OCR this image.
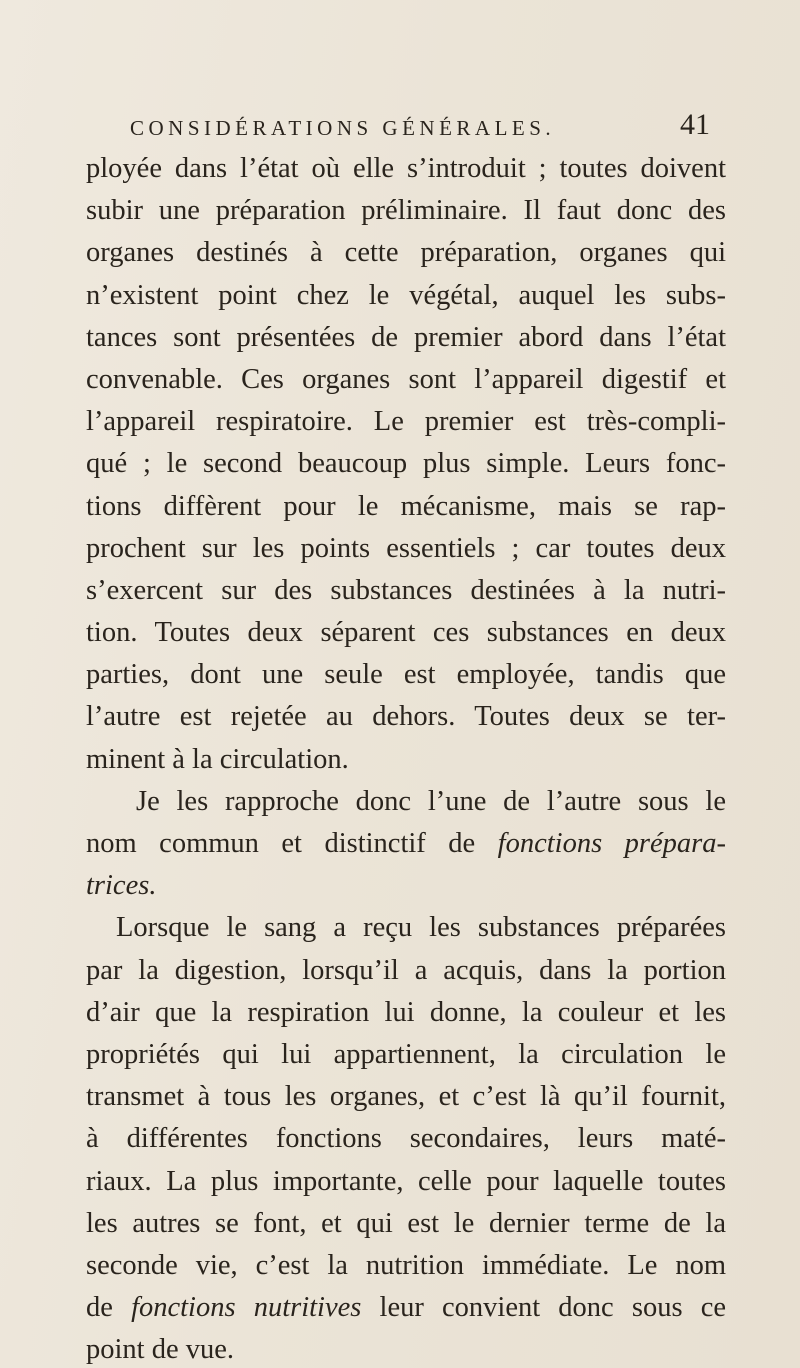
CONSIDÉRATIONS GÉNÉRALES.	41
ployée dans l’état où elle s’introduit ; toutes doivent
subir une préparation préliminaire. Il faut donc des
organes destinés à cette préparation, organes qui
n’existent point chez le végétal, auquel les subs-
tances sont présentées de premier abord dans l’état
convenable. Ces organes sont l’appareil digestif et
l’appareil respiratoire. Le premier est très-compli-
qué ; le second beaucoup plus simple. Leurs fonc-
tions diffèrent pour le mécanisme, mais se rap-
prochent sur les points essentiels ; car toutes deux
s’exercent sur des substances destinées à la nutri-
tion. Toutes deux séparent ces substances en deux
parties, dont une seule est employée, tandis que
l’autre est rejetée au dehors. Toutes deux se ter-
minent à la circulation.
Je les rapproche donc l’une de l’autre sous le
nom commun et distinctif de fonctions prépara-
trices.
Lorsque le sang a reçu les substances préparées
par la digestion, lorsqu’il a acquis, dans la portion
d’air que la respiration lui donne, la couleur et les
propriétés qui lui appartiennent, la circulation le
transmet à tous les organes, et c’est là qu’il fournit,
à différentes fonctions secondaires, leurs maté-
riaux. La plus importante, celle pour laquelle toutes
les autres se font, et qui est le dernier terme de la
seconde vie, c’est la nutrition immédiate. Le nom
de fonctions nutritives leur convient donc sous ce
point de vue.
